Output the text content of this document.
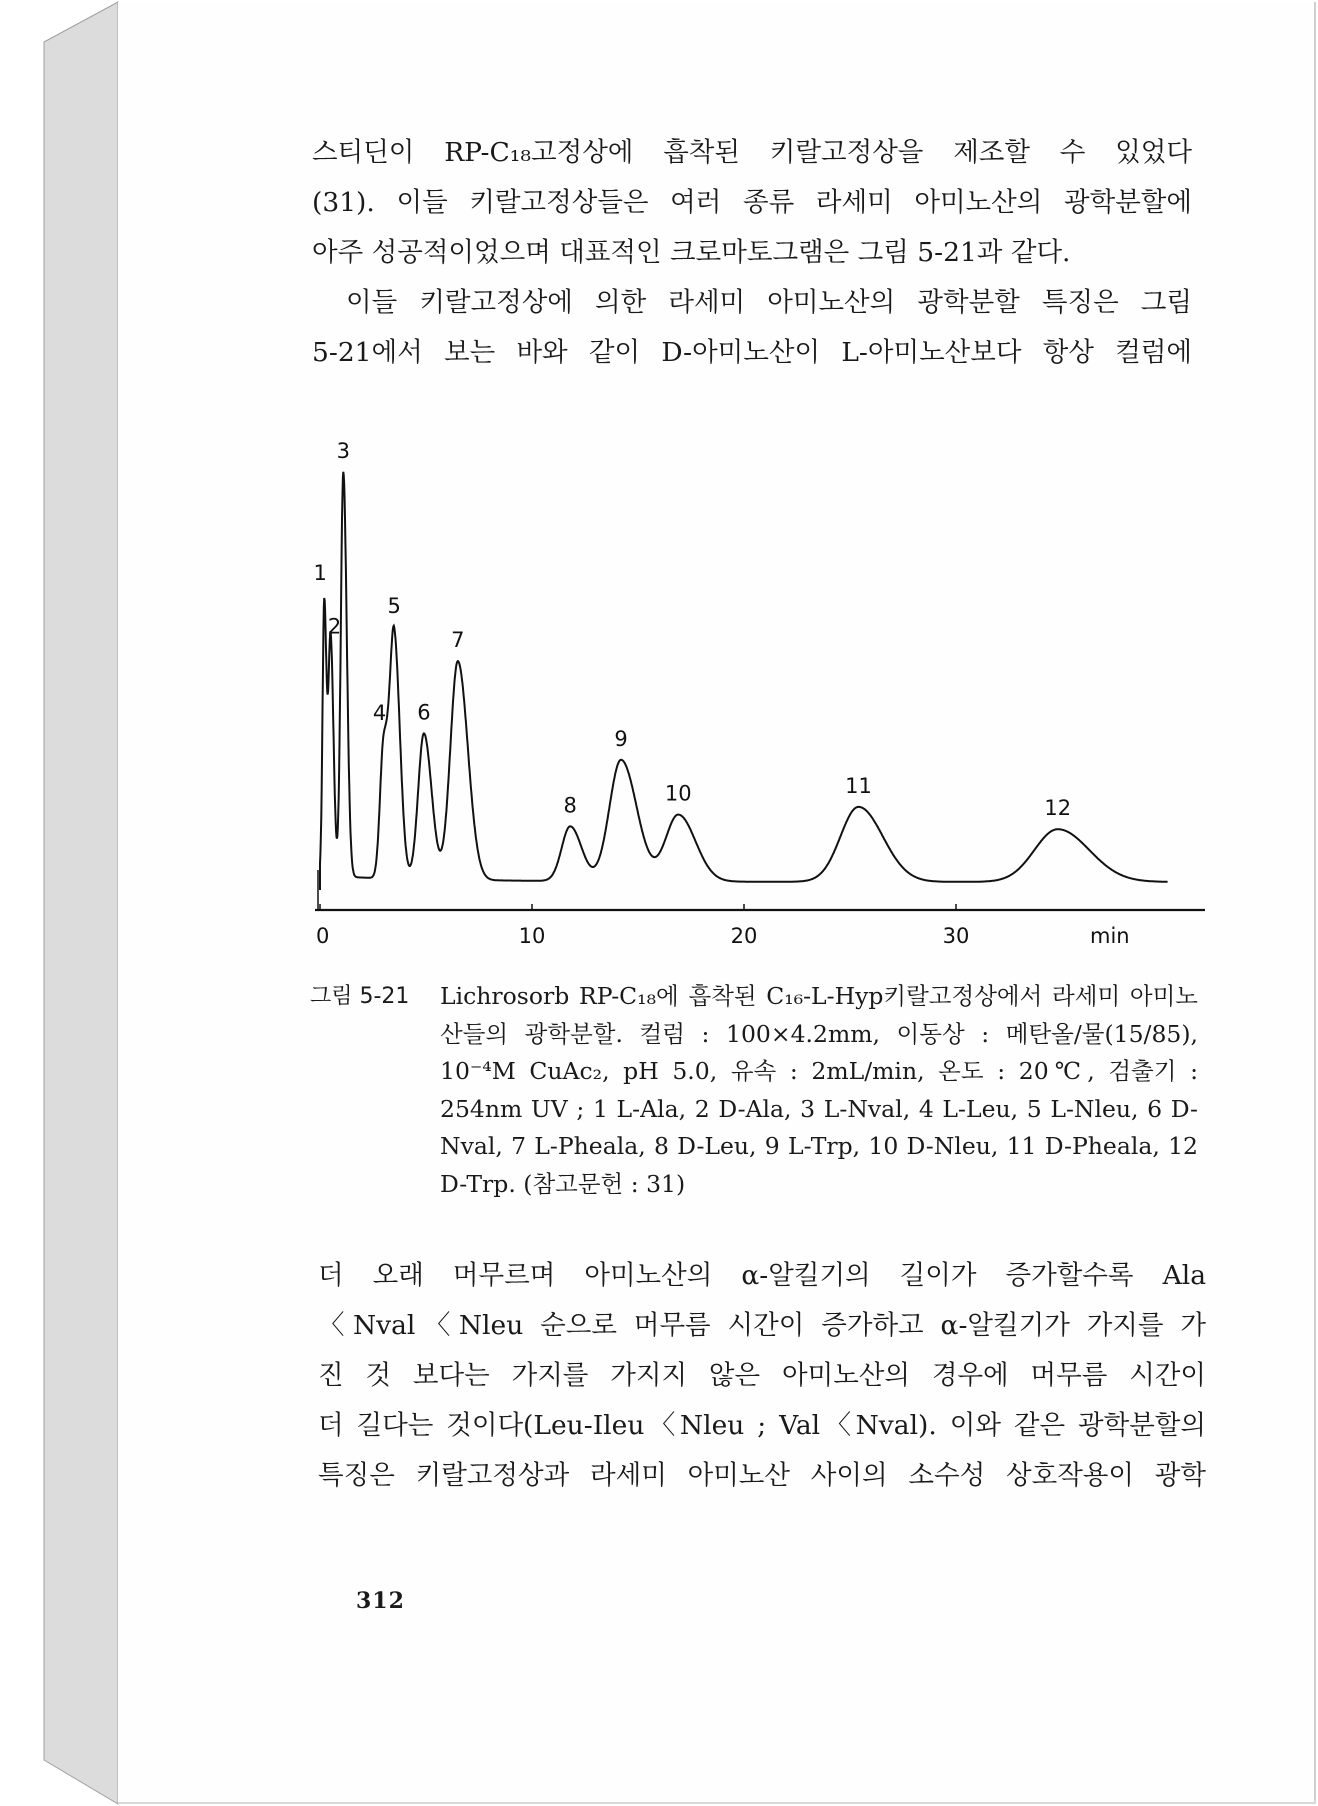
스티딘이 RP-C₁₈고정상에 흡착된 키랄고정상을 제조할 수 있었다
(31). 이들 키랄고정상들은 여러 종류 라세미 아미노산의 광학분할에
아주 성공적이었으며 대표적인 크로마토그램은 그림 5-21과 같다.
이들 키랄고정상에 의한 라세미 아미노산의 광학분할 특징은 그림
5-21에서 보는 바와 같이 D-아미노산이 L-아미노산보다 항상 컬럼에
1
2
3
4
5
6
7
8
9
10	11
12
0	10	20	30	min
그림 5-21 Lichrosorb RP-C₁₈에 흡착된 C₁₆-L-Hyp키랄고정상에서 라세미 아미노산들의 광학분할. 컬럼 : 100×4.2mm, 이동상 : 메탄올/물(15/85), 10⁻⁴M CuAc₂, pH 5.0, 유속 : 2mL/min, 온도 : 20℃, 검출기 : 254nm UV ; 1 L-Ala, 2 D-Ala, 3 L-Nval, 4 L-Leu, 5 L-Nleu, 6 D-Nval, 7 L-Pheala, 8 D-Leu, 9 L-Trp, 10 D-Nleu, 11 D-Pheala, 12 D-Trp. (참고문헌 : 31)
더 오래 머무르며 아미노산의 α-알킬기의 길이가 증가할수록 Ala
〈Nval〈Nleu 순으로 머무름 시간이 증가하고 α-알킬기가 가지를 가
진 것 보다는 가지를 가지지 않은 아미노산의 경우에 머무름 시간이
더 길다는 것이다(Leu-Ileu〈Nleu ; Val〈Nval). 이와 같은 광학분할의
특징은 키랄고정상과 라세미 아미노산 사이의 소수성 상호작용이 광학
312
